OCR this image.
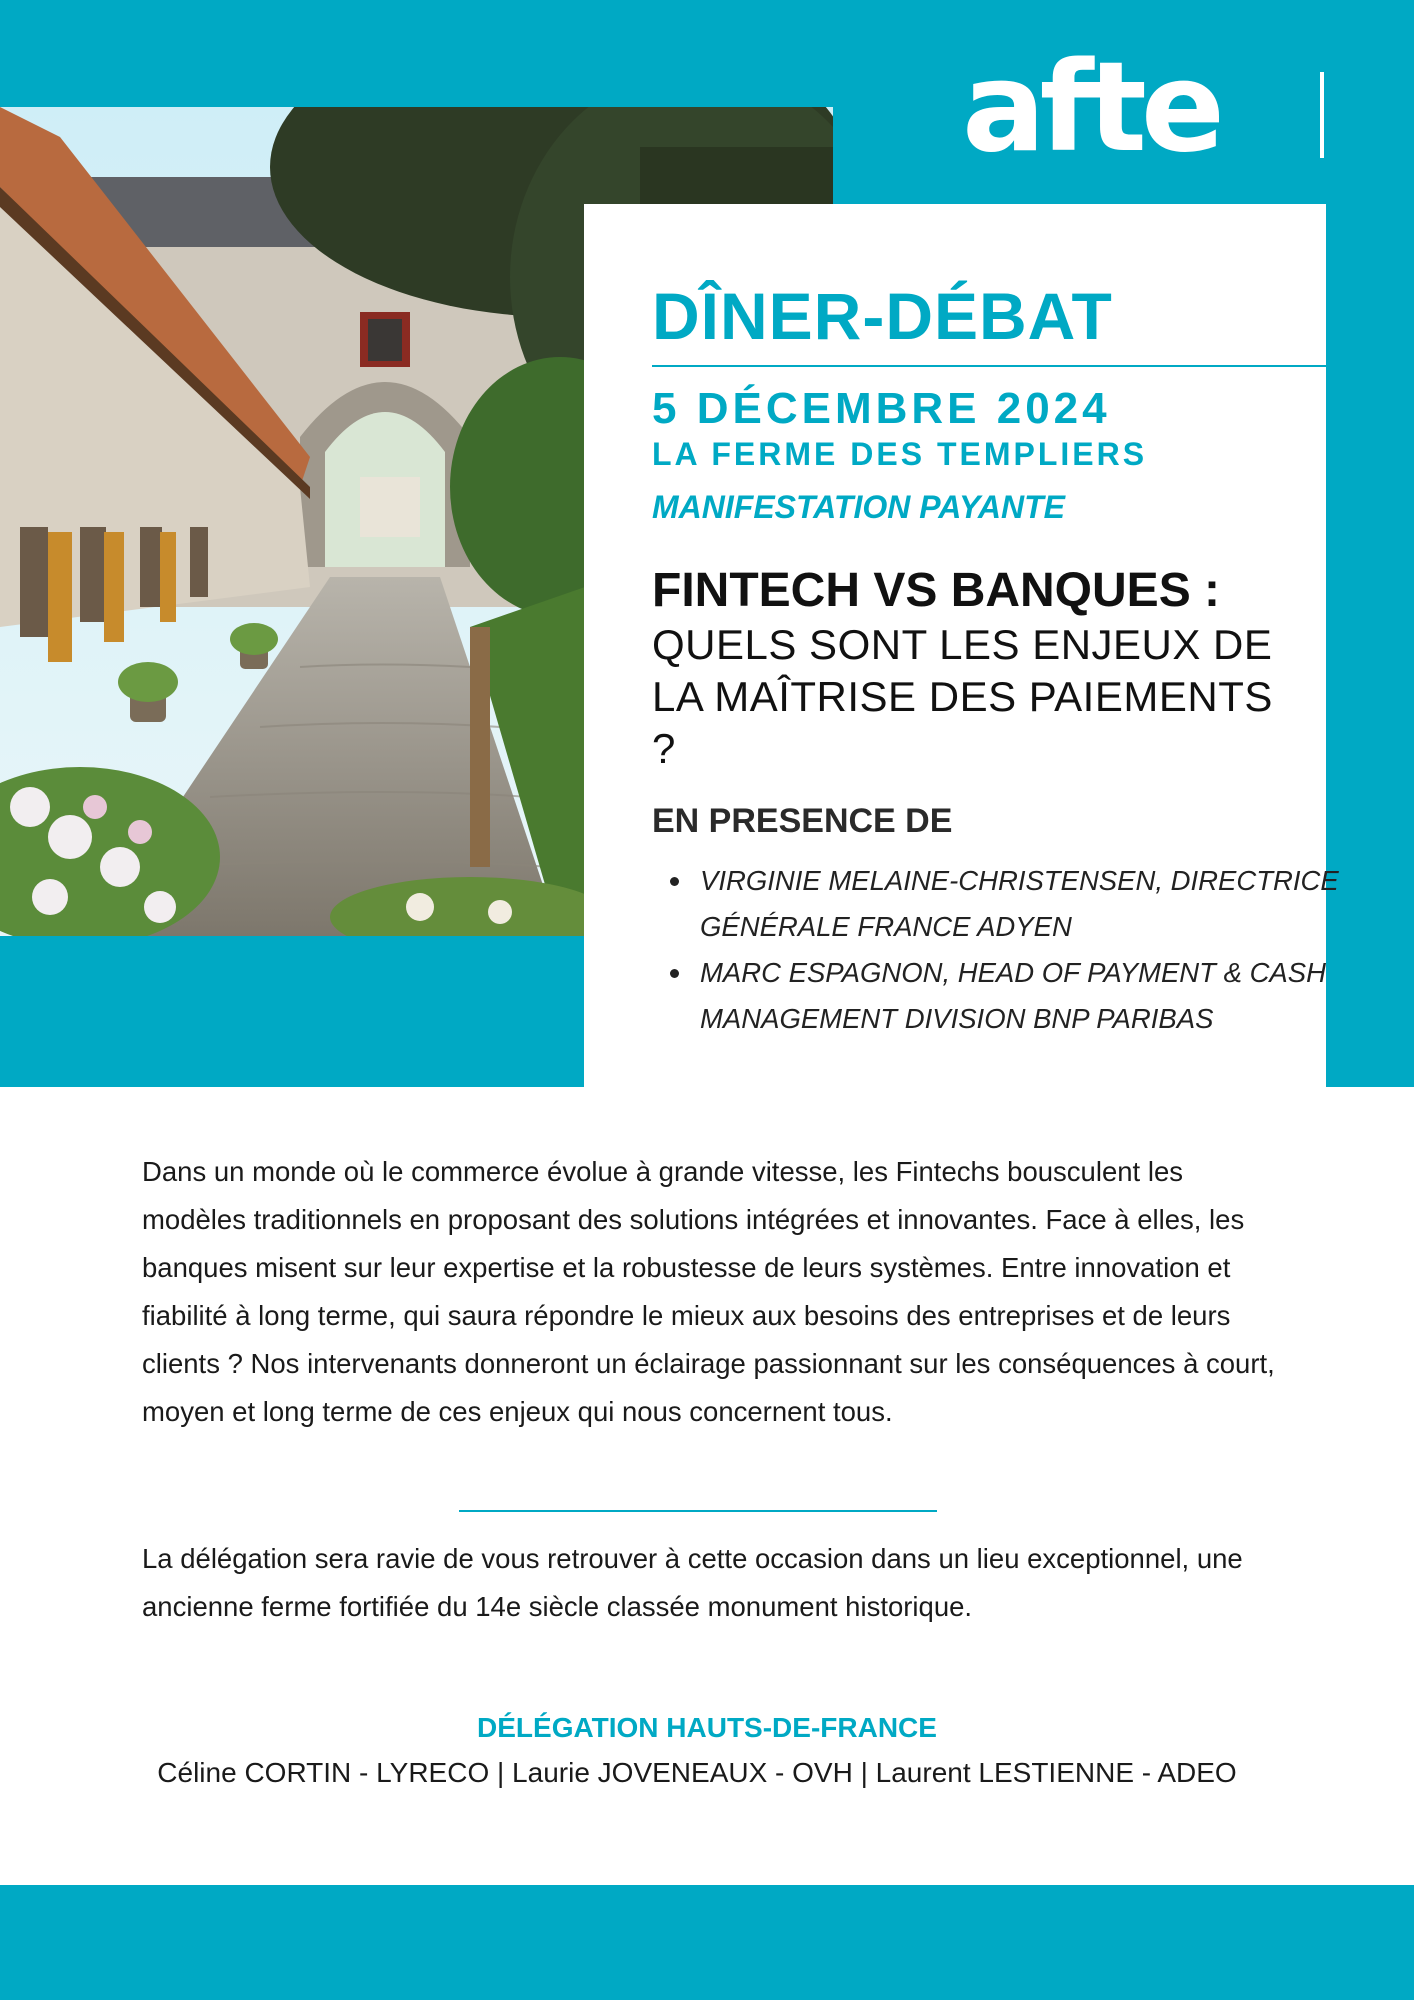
afte
DÎNER-DÉBAT
5 DÉCEMBRE 2024
LA FERME DES TEMPLIERS
MANIFESTATION PAYANTE
FINTECH VS BANQUES :

QUELS SONT LES ENJEUX DE LA MAÎTRISE DES PAIEMENTS ?

EN PRESENCE DE
VIRGINIE MELAINE-CHRISTENSEN, DIRECTRICE GÉNÉRALE FRANCE ADYEN
MARC ESPAGNON, HEAD OF PAYMENT & CASH MANAGEMENT DIVISION BNP PARIBAS

Dans un monde où le commerce évolue à grande vitesse, les Fintechs bousculent les modèles traditionnels en proposant des solutions intégrées et innovantes. Face à elles, les banques misent sur leur expertise et la robustesse de leurs systèmes. Entre innovation et fiabilité à long terme, qui saura répondre le mieux aux besoins des entreprises et de leurs clients ? Nos intervenants donneront un éclairage passionnant sur les conséquences à court, moyen et long terme de ces enjeux qui nous concernent tous.

La délégation sera ravie de vous retrouver à cette occasion dans un lieu exceptionnel, une ancienne ferme fortifiée du 14e siècle classée monument historique.

DÉLÉGATION HAUTS-DE-FRANCE
Céline CORTIN - LYRECO | Laurie JOVENEAUX - OVH | Laurent LESTIENNE - ADEO
